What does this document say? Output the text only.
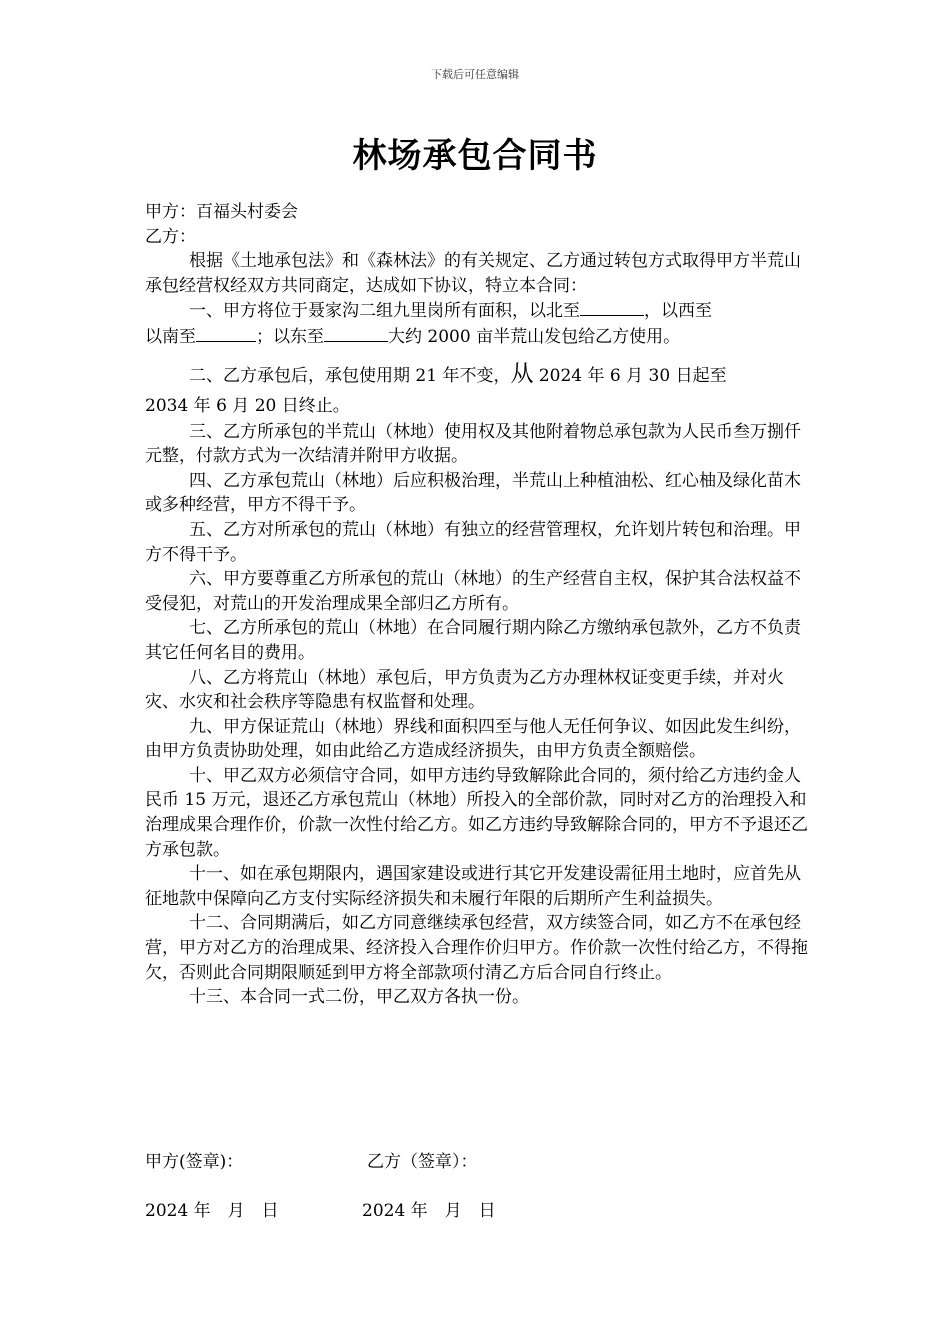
下载后可任意编辑
林场承包合同书

甲方：百福头村委会

乙方：

根据《土地承包法》和《森林法》的有关规定、乙方通过转包方式取得甲方半荒山承包经营权经双方共同商定，达成如下协议，特立本合同：

一、甲方将位于聂家沟二组九里岗所有面积，以北至	，以西至
以南至	；以东至	大约 2000 亩半荒山发包给乙方使用。

二、乙方承包后，承包使用期 21 年不变，从 2024 年 6 月 30 日起至

2034 年 6 月 20 日终止。

三、乙方所承包的半荒山（林地）使用权及其他附着物总承包款为人民币叁万捌仟元整，付款方式为一次结清并附甲方收据。

四、乙方承包荒山（林地）后应积极治理，半荒山上种植油松、红心柚及绿化苗木或多种经营，甲方不得干予。

五、乙方对所承包的荒山（林地）有独立的经营管理权，允许划片转包和治理。甲方不得干予。

六、甲方要尊重乙方所承包的荒山（林地）的生产经营自主权，保护其合法权益不受侵犯，对荒山的开发治理成果全部归乙方所有。

七、乙方所承包的荒山（林地）在合同履行期内除乙方缴纳承包款外，乙方不负责其它任何名目的费用。

八、乙方将荒山（林地）承包后，甲方负责为乙方办理林权证变更手续，并对火灾、水灾和社会秩序等隐患有权监督和处理。

九、甲方保证荒山（林地）界线和面积四至与他人无任何争议、如因此发生纠纷，由甲方负责协助处理，如由此给乙方造成经济损失，由甲方负责全额赔偿。

十、甲乙双方必须信守合同，如甲方违约导致解除此合同的，须付给乙方违约金人民币 15 万元，退还乙方承包荒山（林地）所投入的全部价款，同时对乙方的治理投入和治理成果合理作价，价款一次性付给乙方。如乙方违约导致解除合同的，甲方不予退还乙方承包款。

十一、如在承包期限内，遇国家建设或进行其它开发建设需征用土地时，应首先从征地款中保障向乙方支付实际经济损失和未履行年限的后期所产生利益损失。

十二、合同期满后，如乙方同意继续承包经营，双方续签合同，如乙方不在承包经营，甲方对乙方的治理成果、经济投入合理作价归甲方。作价款一次性付给乙方，不得拖欠，否则此合同期限顺延到甲方将全部款项付清乙方后合同自行终止。

十三、本合同一式二份，甲乙双方各执一份。

甲方(签章)：	乙方（签章）：
2024 年　月　日	2024 年　月　日
